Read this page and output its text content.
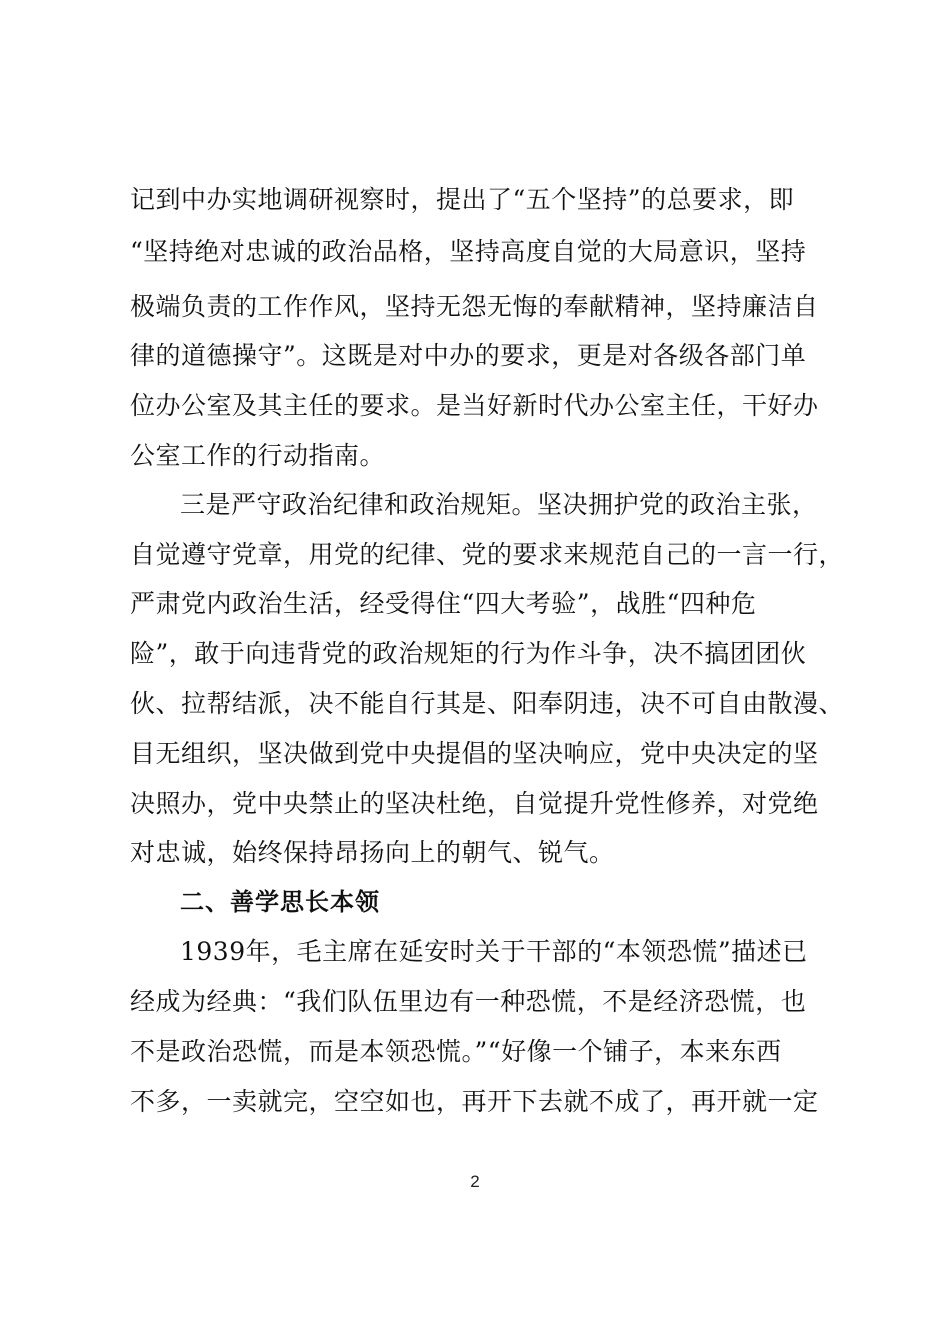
记到中办实地调研视察时，提出了“五个坚持”的总要求，即
“坚持绝对忠诚的政治品格，坚持高度自觉的大局意识，坚持
极端负责的工作作风，坚持无怨无悔的奉献精神，坚持廉洁自
律的道德操守”。这既是对中办的要求，更是对各级各部门单
位办公室及其主任的要求。是当好新时代办公室主任，干好办
公室工作的行动指南。
三是严守政治纪律和政治规矩。坚决拥护党的政治主张，
自觉遵守党章，用党的纪律、党的要求来规范自己的一言一行，
严肃党内政治生活，经受得住“四大考验”，战胜“四种危
险”，敢于向违背党的政治规矩的行为作斗争，决不搞团团伙
伙、拉帮结派，决不能自行其是、阳奉阴违，决不可自由散漫、
目无组织，坚决做到党中央提倡的坚决响应，党中央决定的坚
决照办，党中央禁止的坚决杜绝，自觉提升党性修养，对党绝
对忠诚，始终保持昂扬向上的朝气、锐气。
二、善学思长本领
1939年，毛主席在延安时关于干部的“本领恐慌”描述已
经成为经典：“我们队伍里边有一种恐慌，不是经济恐慌，也
不是政治恐慌，而是本领恐慌。”“好像一个铺子，本来东西
不多，一卖就完，空空如也，再开下去就不成了，再开就一定
2
